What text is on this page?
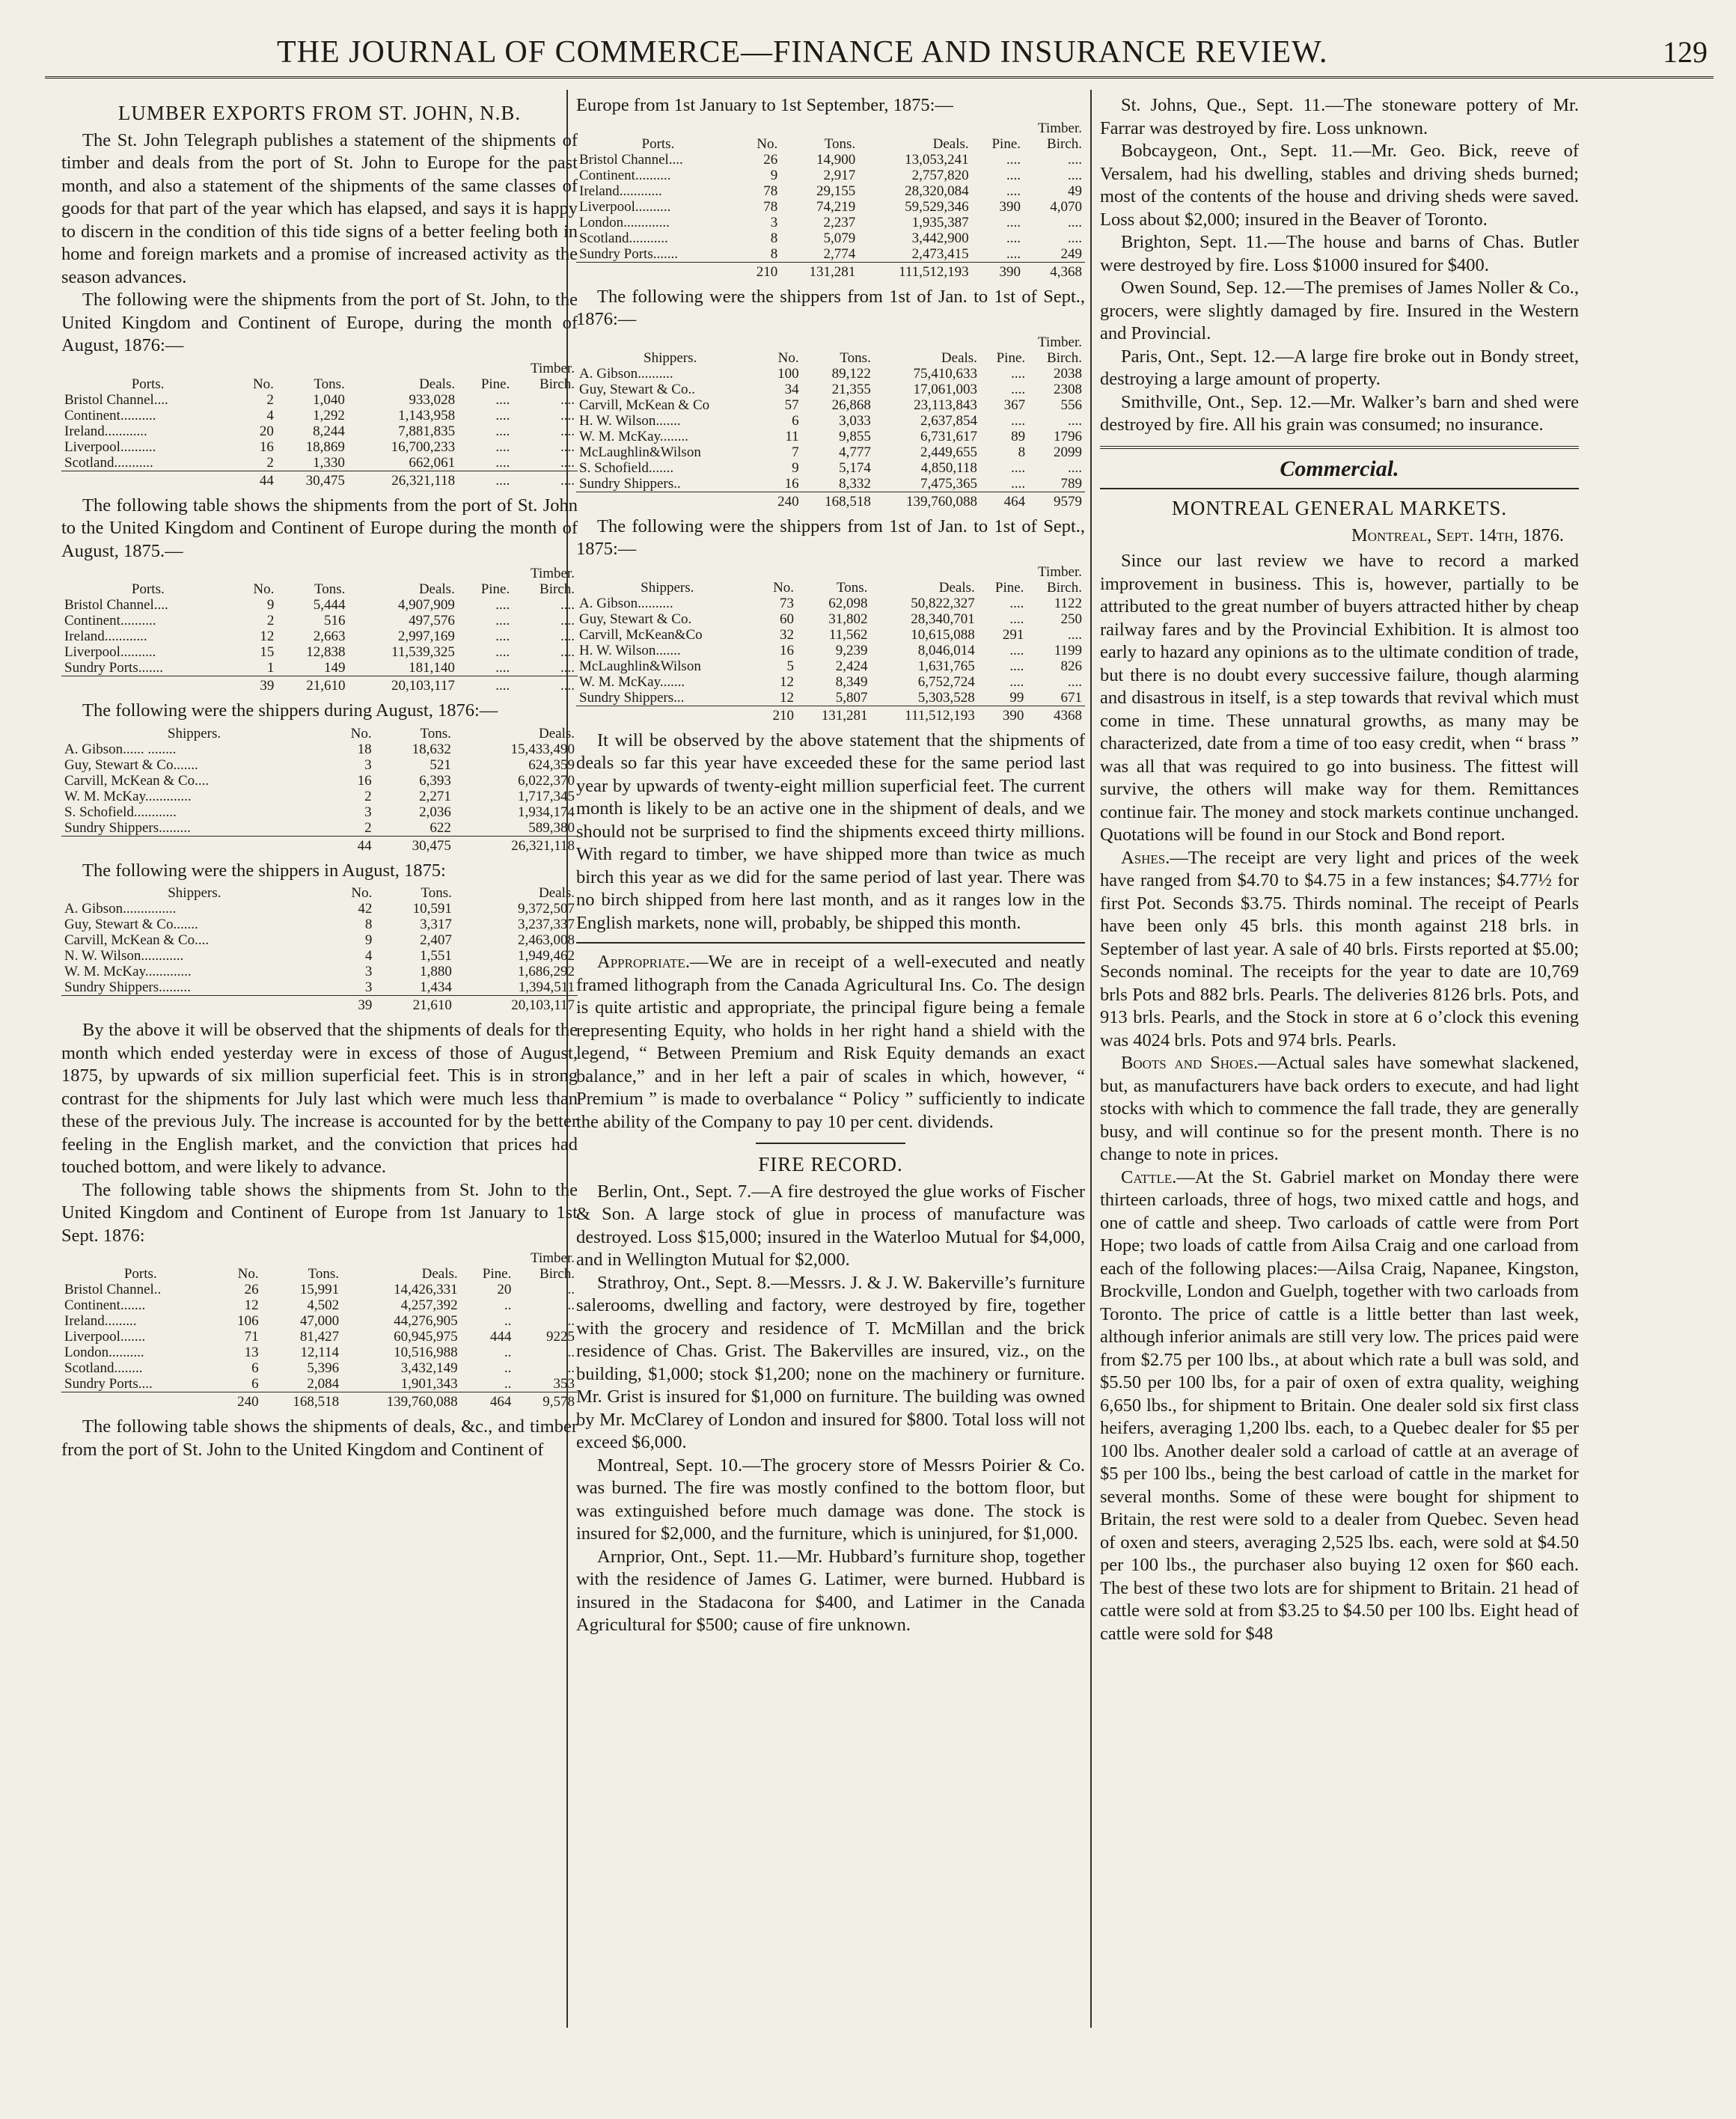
THE JOURNAL OF COMMERCE—FINANCE AND INSURANCE REVIEW.	129
LUMBER EXPORTS FROM ST. JOHN, N.B.

The St. John Telegraph publishes a statement of the shipments of timber and deals from the port of St. John to Europe for the past month, and also a statement of the shipments of the same classes of goods for that part of the year which has elapsed, and says it is happy to discern in the condition of this tide signs of a better feeling both in home and foreign markets and a promise of increased activity as the season advances.

The following were the shipments from the port of St. John, to the United Kingdom and Continent of Europe, during the month of August, 1876:—

Timber.					
Ports.	No.	Tons.	Deals.	Pine.	Birch.
Bristol Channel....	2	1,040	933,028	....	....
Continent..........	4	1,292	1,143,958	....	....
Ireland............	20	8,244	7,881,835	....	....
Liverpool..........	16	18,869	16,700,233	....	....
Scotland...........	2	1,330	662,061	....	....
	44	30,475	26,321,118	....	....

The following table shows the shipments from the port of St. John to the United Kingdom and Continent of Europe during the month of August, 1875.—

Timber.					
Ports.	No.	Tons.	Deals.	Pine.	Birch.
Bristol Channel....	9	5,444	4,907,909	....	....
Continent..........	2	516	497,576	....	....
Ireland............	12	2,663	2,997,169	....	....
Liverpool..........	15	12,838	11,539,325	....	....
Sundry Ports.......	1	149	181,140	....	....
	39	21,610	20,103,117	....	....

The following were the shippers during August, 1876:—

Shippers.	No.	Tons.	Deals.
A. Gibson...... ........	18	18,632	15,433,490
Guy, Stewart & Co.......	3	521	624,359
Carvill, McKean & Co....	16	6,393	6,022,370
W. M. McKay.............	2	2,271	1,717,345
S. Schofield............	3	2,036	1,934,174
Sundry Shippers.........	2	622	589,380
	44	30,475	26,321,118

The following were the shippers in August, 1875:

Shippers.	No.	Tons.	Deals.
A. Gibson...............	42	10,591	9,372,507
Guy, Stewart & Co.......	8	3,317	3,237,337
Carvill, McKean & Co....	9	2,407	2,463,008
N. W. Wilson............	4	1,551	1,949,462
W. M. McKay.............	3	1,880	1,686,292
Sundry Shippers.........	3	1,434	1,394,511
	39	21,610	20,103,117

By the above it will be observed that the shipments of deals for the month which ended yesterday were in excess of those of August, 1875, by upwards of six million superficial feet. This is in strong contrast for the shipments for July last which were much less than these of the previous July. The increase is accounted for by the better feeling in the English market, and the conviction that prices had touched bottom, and were likely to advance.

The following table shows the shipments from St. John to the United Kingdom and Continent of Europe from 1st January to 1st Sept. 1876:

Timber.					
Ports.	No.	Tons.	Deals.	Pine.	Birch.
Bristol Channel..	26	15,991	14,426,331	20	..
Continent.......	12	4,502	4,257,392	..	..
Ireland.........	106	47,000	44,276,905	..	..
Liverpool.......	71	81,427	60,945,975	444	9225
London..........	13	12,114	10,516,988	..	..
Scotland........	6	5,396	3,432,149	..	..
Sundry Ports....	6	2,084	1,901,343	..	353
	240	168,518	139,760,088	464	9,578

The following table shows the shipments of deals, &c., and timber from the port of St. John to the United Kingdom and Continent of

Europe from 1st January to 1st September, 1875:—

Timber.					
Ports.	No.	Tons.	Deals.	Pine.	Birch.
Bristol Channel....	26	14,900	13,053,241	....	....
Continent..........	9	2,917	2,757,820	....	....
Ireland............	78	29,155	28,320,084	....	49
Liverpool..........	78	74,219	59,529,346	390	4,070
London.............	3	2,237	1,935,387	....	....
Scotland...........	8	5,079	3,442,900	....	....
Sundry Ports.......	8	2,774	2,473,415	....	249
	210	131,281	111,512,193	390	4,368

The following were the shippers from 1st of Jan. to 1st of Sept., 1876:—

Timber.					
Shippers.	No.	Tons.	Deals.	Pine.	Birch.
A. Gibson..........	100	89,122	75,410,633	....	2038
Guy, Stewart & Co..	34	21,355	17,061,003	....	2308
Carvill, McKean & Co	57	26,868	23,113,843	367	556
H. W. Wilson.......	6	3,033	2,637,854	....	....
W. M. McKay........	11	9,855	6,731,617	89	1796
McLaughlin&Wilson	7	4,777	2,449,655	8	2099
S. Schofield.......	9	5,174	4,850,118	....	....
Sundry Shippers..	16	8,332	7,475,365	....	789
	240	168,518	139,760,088	464	9579

The following were the shippers from 1st of Jan. to 1st of Sept., 1875:—

Timber.					
Shippers.	No.	Tons.	Deals.	Pine.	Birch.
A. Gibson..........	73	62,098	50,822,327	....	1122
Guy, Stewart & Co.	60	31,802	28,340,701	....	250
Carvill, McKean&Co	32	11,562	10,615,088	291	....
H. W. Wilson.......	16	9,239	8,046,014	....	1199
McLaughlin&Wilson	5	2,424	1,631,765	....	826
W. M. McKay.......	12	8,349	6,752,724	....	....
Sundry Shippers...	12	5,807	5,303,528	99	671
	210	131,281	111,512,193	390	4368

It will be observed by the above statement that the shipments of deals so far this year have exceeded these for the same period last year by upwards of twenty-eight million superficial feet. The current month is likely to be an active one in the shipment of deals, and we should not be surprised to find the shipments exceed thirty millions. With regard to timber, we have shipped more than twice as much birch this year as we did for the same period of last year. There was no birch shipped from here last month, and as it ranges low in the English markets, none will, probably, be shipped this month.

Appropriate.—We are in receipt of a well-executed and neatly framed lithograph from the Canada Agricultural Ins. Co. The design is quite artistic and appropriate, the principal figure being a female representing Equity, who holds in her right hand a shield with the legend, “ Between Premium and Risk Equity demands an exact balance,” and in her left a pair of scales in which, however, “ Premium ” is made to overbalance “ Policy ” sufficiently to indicate the ability of the Company to pay 10 per cent. dividends.

FIRE RECORD.

Berlin, Ont., Sept. 7.—A fire destroyed the glue works of Fischer & Son. A large stock of glue in process of manufacture was destroyed. Loss $15,000; insured in the Waterloo Mutual for $4,000, and in Wellington Mutual for $2,000.

Strathroy, Ont., Sept. 8.—Messrs. J. & J. W. Bakerville’s furniture salerooms, dwelling and factory, were destroyed by fire, together with the grocery and residence of T. McMillan and the brick residence of Chas. Grist. The Bakervilles are insured, viz., on the building, $1,000; stock $1,200; none on the machinery or furniture. Mr. Grist is insured for $1,000 on furniture. The building was owned by Mr. McClarey of London and insured for $800. Total loss will not exceed $6,000.

Montreal, Sept. 10.—The grocery store of Messrs Poirier & Co. was burned. The fire was mostly confined to the bottom floor, but was extinguished before much damage was done. The stock is insured for $2,000, and the furniture, which is uninjured, for $1,000.

Arnprior, Ont., Sept. 11.—Mr. Hubbard’s furniture shop, together with the residence of James G. Latimer, were burned. Hubbard is insured in the Stadacona for $400, and Latimer in the Canada Agricultural for $500; cause of fire unknown.

St. Johns, Que., Sept. 11.—The stoneware pottery of Mr. Farrar was destroyed by fire. Loss unknown.

Bobcaygeon, Ont., Sept. 11.—Mr. Geo. Bick, reeve of Versalem, had his dwelling, stables and driving sheds burned; most of the contents of the house and driving sheds were saved. Loss about $2,000; insured in the Beaver of Toronto.

Brighton, Sept. 11.—The house and barns of Chas. Butler were destroyed by fire. Loss $1000 insured for $400.

Owen Sound, Sep. 12.—The premises of James Noller & Co., grocers, were slightly damaged by fire. Insured in the Western and Provincial.

Paris, Ont., Sept. 12.—A large fire broke out in Bondy street, destroying a large amount of property.

Smithville, Ont., Sep. 12.—Mr. Walker’s barn and shed were destroyed by fire. All his grain was consumed; no insurance.

Commercial.
MONTREAL GENERAL MARKETS.
Montreal, Sept. 14th, 1876.

Since our last review we have to record a marked improvement in business. This is, however, partially to be attributed to the great number of buyers attracted hither by cheap railway fares and by the Provincial Exhibition. It is almost too early to hazard any opinions as to the ultimate condition of trade, but there is no doubt every successive failure, though alarming and disastrous in itself, is a step towards that revival which must come in time. These unnatural growths, as many may be characterized, date from a time of too easy credit, when “ brass ” was all that was required to go into business. The fittest will survive, the others will make way for them. Remittances continue fair. The money and stock markets continue unchanged. Quotations will be found in our Stock and Bond report.

Ashes.—The receipt are very light and prices of the week have ranged from $4.70 to $4.75 in a few instances; $4.77½ for first Pot. Seconds $3.75. Thirds nominal. The receipt of Pearls have been only 45 brls. this month against 218 brls. in September of last year. A sale of 40 brls. Firsts reported at $5.00; Seconds nominal. The receipts for the year to date are 10,769 brls Pots and 882 brls. Pearls. The deliveries 8126 brls. Pots, and 913 brls. Pearls, and the Stock in store at 6 o’clock this evening was 4024 brls. Pots and 974 brls. Pearls.

Boots and Shoes.—Actual sales have somewhat slackened, but, as manufacturers have back orders to execute, and had light stocks with which to commence the fall trade, they are generally busy, and will continue so for the present month. There is no change to note in prices.

Cattle.—At the St. Gabriel market on Monday there were thirteen carloads, three of hogs, two mixed cattle and hogs, and one of cattle and sheep. Two carloads of cattle were from Port Hope; two loads of cattle from Ailsa Craig and one carload from each of the following places:—Ailsa Craig, Napanee, Kingston, Brockville, London and Guelph, together with two carloads from Toronto. The price of cattle is a little better than last week, although inferior animals are still very low. The prices paid were from $2.75 per 100 lbs., at about which rate a bull was sold, and $5.50 per 100 lbs, for a pair of oxen of extra quality, weighing 6,650 lbs., for shipment to Britain. One dealer sold six first class heifers, averaging 1,200 lbs. each, to a Quebec dealer for $5 per 100 lbs. Another dealer sold a carload of cattle at an average of $5 per 100 lbs., being the best carload of cattle in the market for several months. Some of these were bought for shipment to Britain, the rest were sold to a dealer from Quebec. Seven head of oxen and steers, averaging 2,525 lbs. each, were sold at $4.50 per 100 lbs., the purchaser also buying 12 oxen for $60 each. The best of these two lots are for shipment to Britain. 21 head of cattle were sold at from $3.25 to $4.50 per 100 lbs. Eight head of cattle were sold for $48
